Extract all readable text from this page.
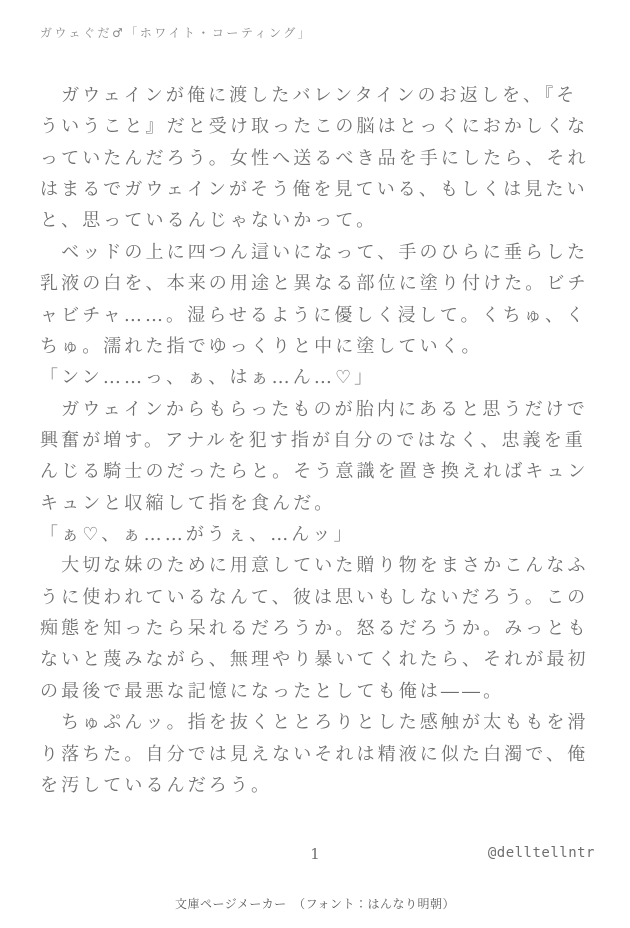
ガウェぐだ♂「ホワイト・コーティング」
　ガウェインが俺に渡したバレンタインのお返しを、『そ
ういうこと』だと受け取ったこの脳はとっくにおかしくな
っていたんだろう。女性へ送るべき品を手にしたら、それ
はまるでガウェインがそう俺を見ている、もしくは見たい
と、思っているんじゃないかって。
　ベッドの上に四つん這いになって、手のひらに垂らした
乳液の白を、本来の用途と異なる部位に塗り付けた。ビチ
ャビチャ……。湿らせるように優しく浸して。くちゅ、く
ちゅ。濡れた指でゆっくりと中に塗していく。
「ンン……っ、ぁ、はぁ…ん…♡」
　ガウェインからもらったものが胎内にあると思うだけで
興奮が増す。アナルを犯す指が自分のではなく、忠義を重
んじる騎士のだったらと。そう意識を置き換えればキュン
キュンと収縮して指を食んだ。
「ぁ♡、ぁ……がうぇ、…んッ」
　大切な妹のために用意していた贈り物をまさかこんなふ
うに使われているなんて、彼は思いもしないだろう。この
痴態を知ったら呆れるだろうか。怒るだろうか。みっとも
ないと蔑みながら、無理やり暴いてくれたら、それが最初
の最後で最悪な記憶になったとしても俺は――。
　ちゅぷんッ。指を抜くととろりとした感触が太ももを滑
り落ちた。自分では見えないそれは精液に似た白濁で、俺
を汚しているんだろう。
1	@delltellntr
文庫ページメーカー　（フォント：はんなり明朝）
